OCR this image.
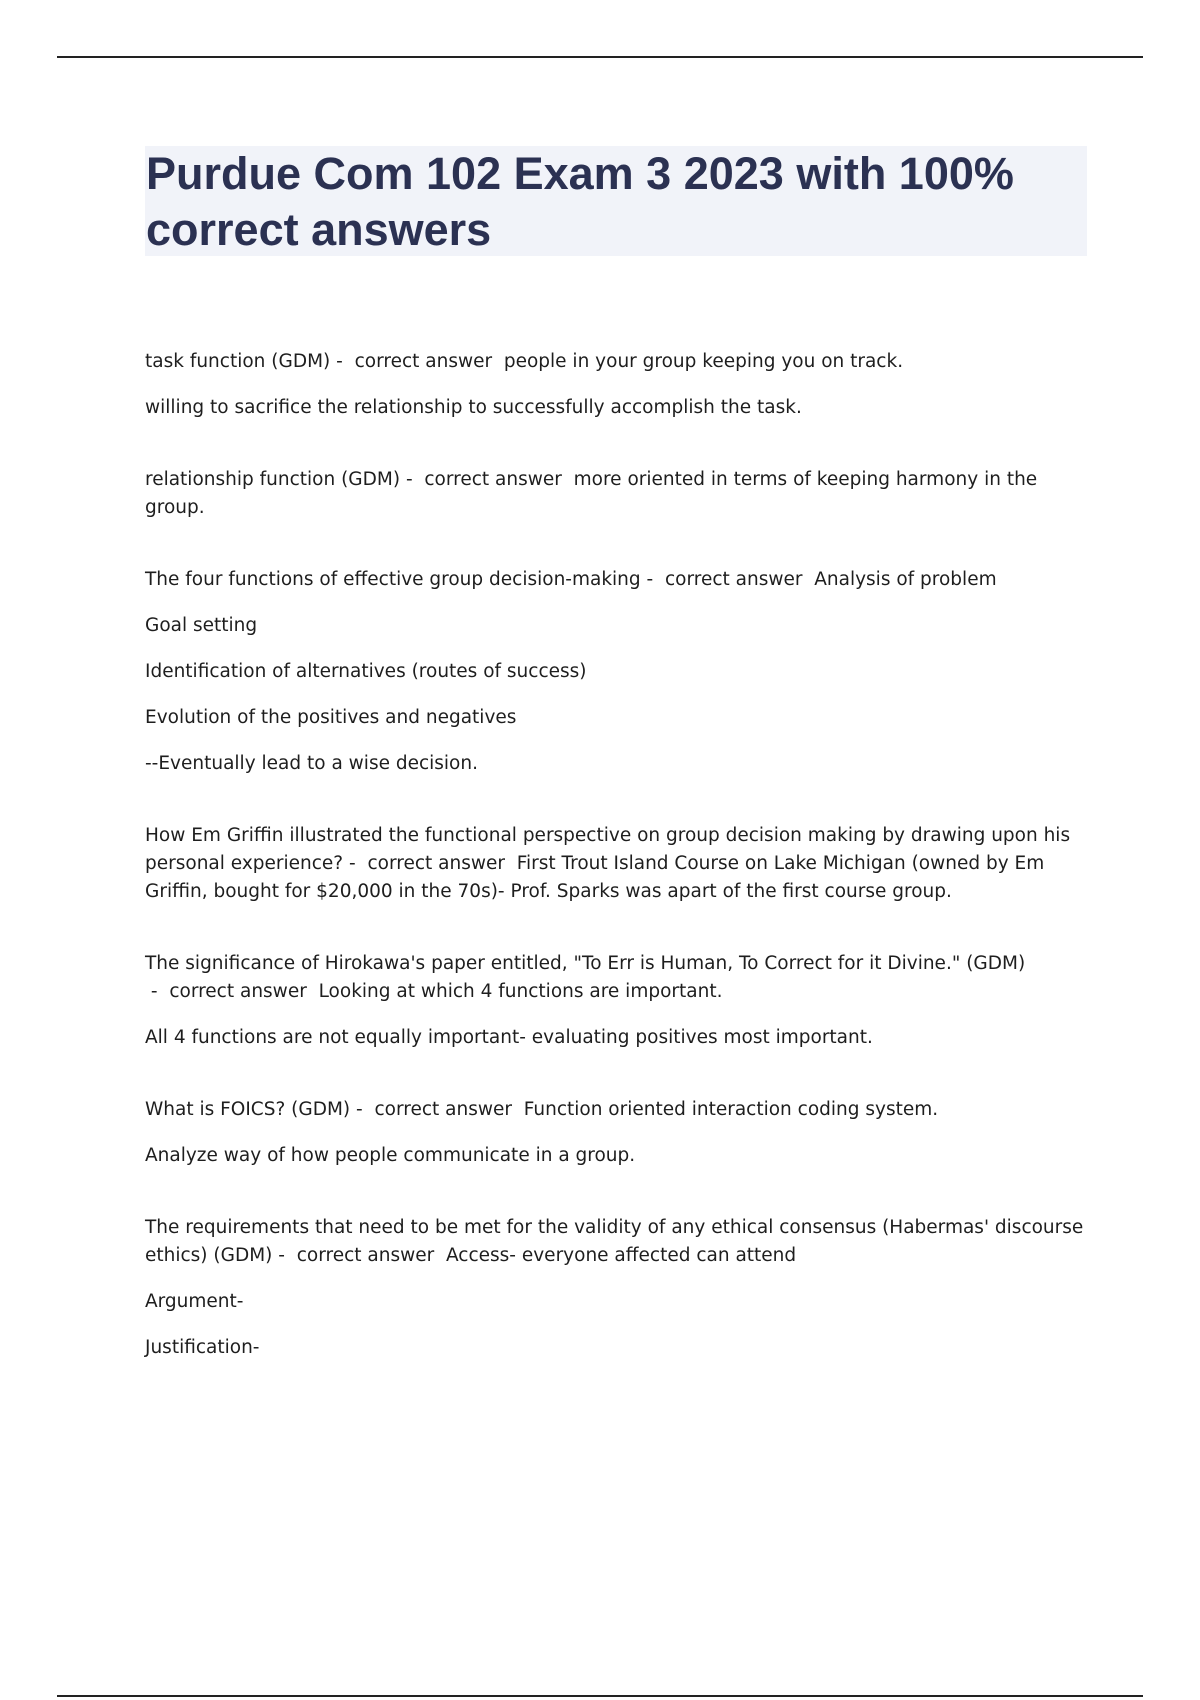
Purdue Com 102 Exam 3 2023 with 100% correct answers

task function (GDM) -  correct answer people in your group keeping you on track.

willing to sacrifice the relationship to successfully accomplish the task.

relationship function (GDM) -  correct answer more oriented in terms of keeping harmony in the group.

The four functions of effective group decision-making -  correct answer Analysis of problem

Goal setting

Identification of alternatives (routes of success)

Evolution of the positives and negatives

--Eventually lead to a wise decision.

How Em Griffin illustrated the functional perspective on group decision making by drawing upon his personal experience? -  correct answer First Trout Island Course on Lake Michigan (owned by Em Griffin, bought for $20,000 in the 70s)- Prof. Sparks was apart of the first course group.

The significance of Hirokawa's paper entitled, "To Err is Human, To Correct for it Divine." (GDM) -  correct answer Looking at which 4 functions are important.

All 4 functions are not equally important- evaluating positives most important.

What is FOICS? (GDM) -  correct answer Function oriented interaction coding system.

Analyze way of how people communicate in a group.

The requirements that need to be met for the validity of any ethical consensus (Habermas' discourse ethics) (GDM) -  correct answer Access- everyone affected can attend

Argument-

Justification-
